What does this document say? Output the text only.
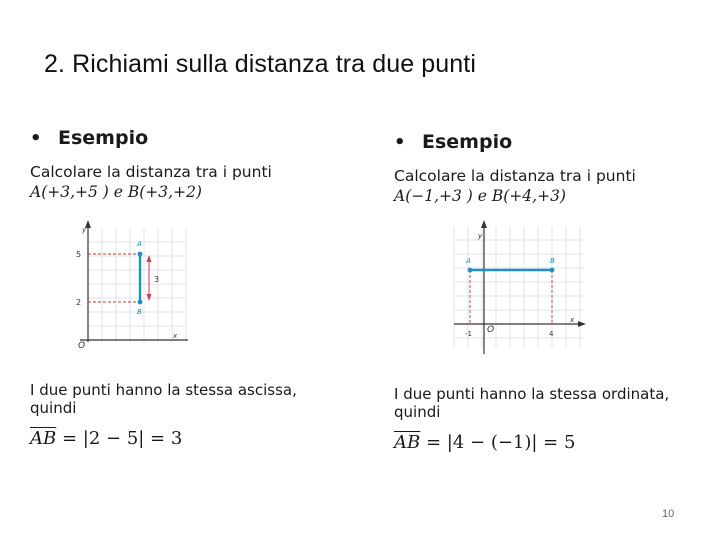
2. Richiami sulla distanza tra due punti
• Esempio
Calcolare la distanza tra i punti
A(+3,+5 ) e B(+3,+2)
y
x
O
5
2
A
B
3
I due punti hanno la stessa ascissa, quindi
$\overline{AB} = |2 - 5| = 3$
• Esempio
Calcolare la distanza tra i punti
A(−1,+3 ) e B(+4,+3)
y
x
O
-1	4
A	B
I due punti hanno la stessa ordinata, quindi
$\overline{AB} = |4 - (-1)| = 5$
10
